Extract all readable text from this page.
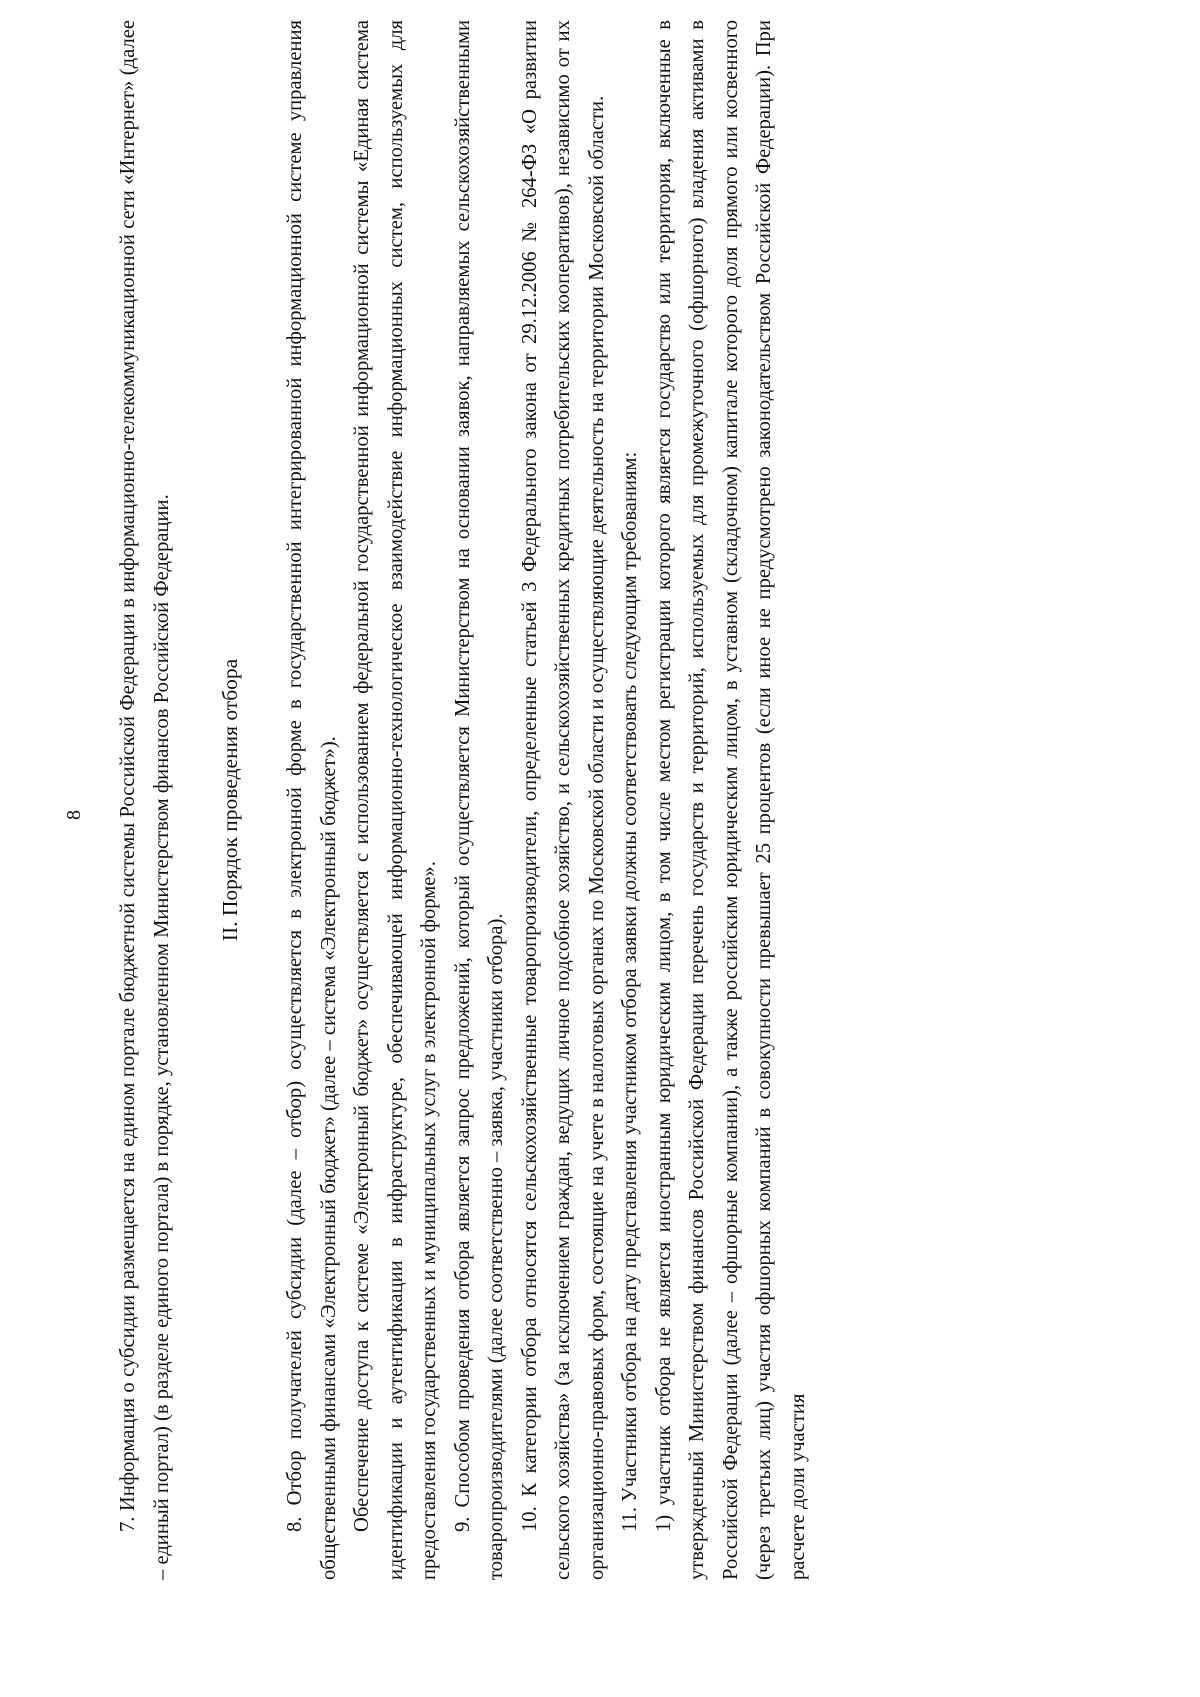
8 7. Информация о субсидии размещается на едином портале бюджетной системы Российской Федерации в информационно-телекоммуникационной сети «Интернет» (далее – единый портал) (в разделе единого портала) в порядке, установленном Министерством финансов Российской Федерации.	II. Порядок проведения отбора 8. Отбор получателей субсидии (далее – отбор) осуществляется в электронной форме в государственной интегрированной информационной системе управления общественными финансами «Электронный бюджет» (далее – система «Электронный бюджет»). Обеспечение доступа к системе «Электронный бюджет» осуществляется с использованием федеральной государственной информационной системы «Единая система идентификации и аутентификации в инфраструктуре, обеспечивающей информационно-технологическое взаимодействие информационных систем, используемых для предоставления государственных и муниципальных услуг в электронной форме». 9. Способом проведения отбора является запрос предложений, который осуществляется Министерством на основании заявок, направляемых сельскохозяйственными товаропроизводителями (далее соответственно – заявка, участники отбора). 10. К категории отбора относятся сельскохозяйственные товаропроизводители, определенные статьей 3 Федерального закона от 29.12.2006 № 264-ФЗ «О развитии сельского хозяйства» (за исключением граждан, ведущих личное подсобное хозяйство, и сельскохозяйственных кредитных потребительских кооперативов), независимо от их организационно-правовых форм, состоящие на учете в налоговых органах по Московской области и осуществляющие деятельность на территории Московской области. 11. Участники отбора на дату представления участником отбора заявки должны соответствовать следующим требованиям: 1) участник отбора не является иностранным юридическим лицом, в том числе местом регистрации которого является государство или территория, включенные в утвержденный Министерством финансов Российской Федерации перечень государств и территорий, используемых для промежуточного (офшорного) владения активами в Российской Федерации (далее – офшорные компании), а также российским юридическим лицом, в уставном (складочном) капитале которого доля прямого или косвенного (через третьих лиц) участия офшорных компаний в совокупности превышает 25 процентов (если иное не предусмотрено законодательством Российской Федерации). При расчете доли участия
